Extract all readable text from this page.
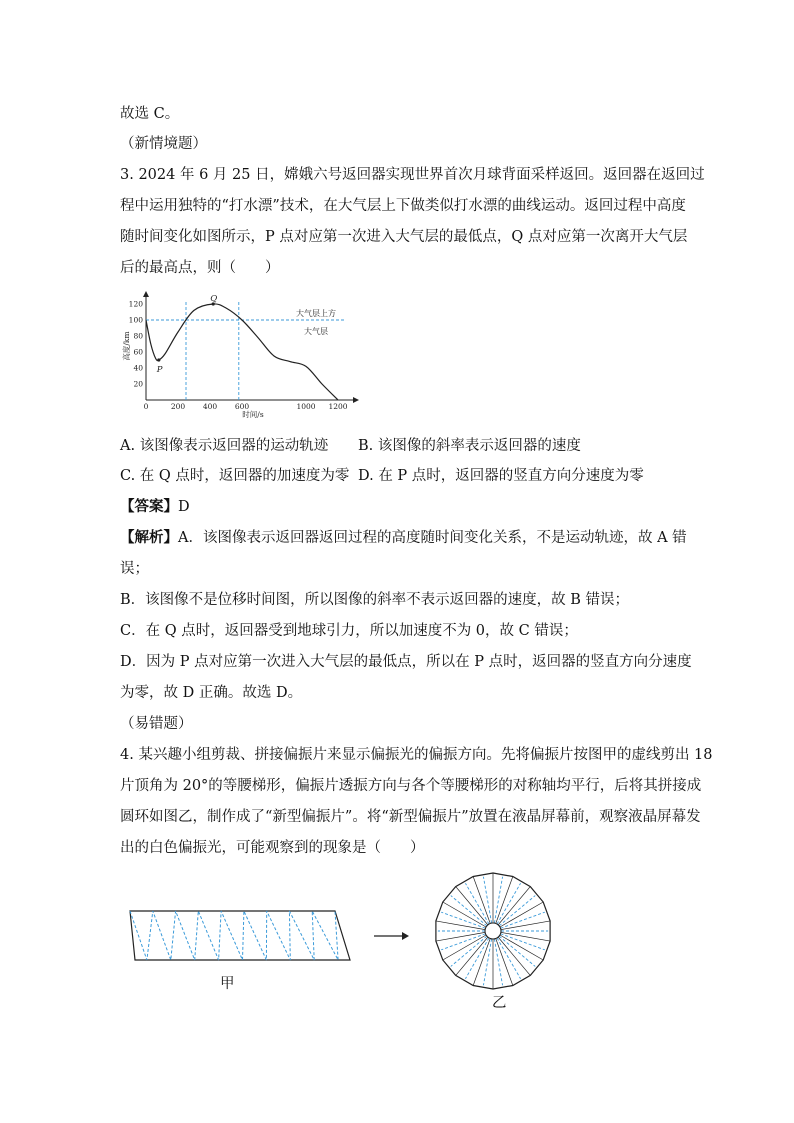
故选 C。
（新情境题）
3. 2024 年 6 月 25 日，嫦娥六号返回器实现世界首次月球背面采样返回。返回器在返回过
程中运用独特的“打水漂”技术，在大气层上下做类似打水漂的曲线运动。返回过程中高度
随时间变化如图所示，P 点对应第一次进入大气层的最低点，Q 点对应第一次离开大气层
后的最高点，则（　　）
0	200 400 600	1000 1200
20
40
60
80
100
120
P
Q
大气层上方
大气层
时间/s
高度/km
A. 该图像表示返回器的运动轨迹 B. 该图像的斜率表示返回器的速度
C. 在 Q 点时，返回器的加速度为零 D. 在 P 点时，返回器的竖直方向分速度为零
【答案】D
【解析】A．该图像表示返回器返回过程的高度随时间变化关系，不是运动轨迹，故 A 错
误；
B．该图像不是位移时间图，所以图像的斜率不表示返回器的速度，故 B 错误；
C．在 Q 点时，返回器受到地球引力，所以加速度不为 0，故 C 错误；
D．因为 P 点对应第一次进入大气层的最低点，所以在 P 点时，返回器的竖直方向分速度
为零，故 D 正确。故选 D。
（易错题）
4. 某兴趣小组剪裁、拼接偏振片来显示偏振光的偏振方向。先将偏振片按图甲的虚线剪出 18
片顶角为 20°的等腰梯形，偏振片透振方向与各个等腰梯形的对称轴均平行，后将其拼接成
圆环如图乙，制作成了“新型偏振片”。将“新型偏振片”放置在液晶屏幕前，观察液晶屏幕发
出的白色偏振光，可能观察到的现象是（　　）
甲
乙
